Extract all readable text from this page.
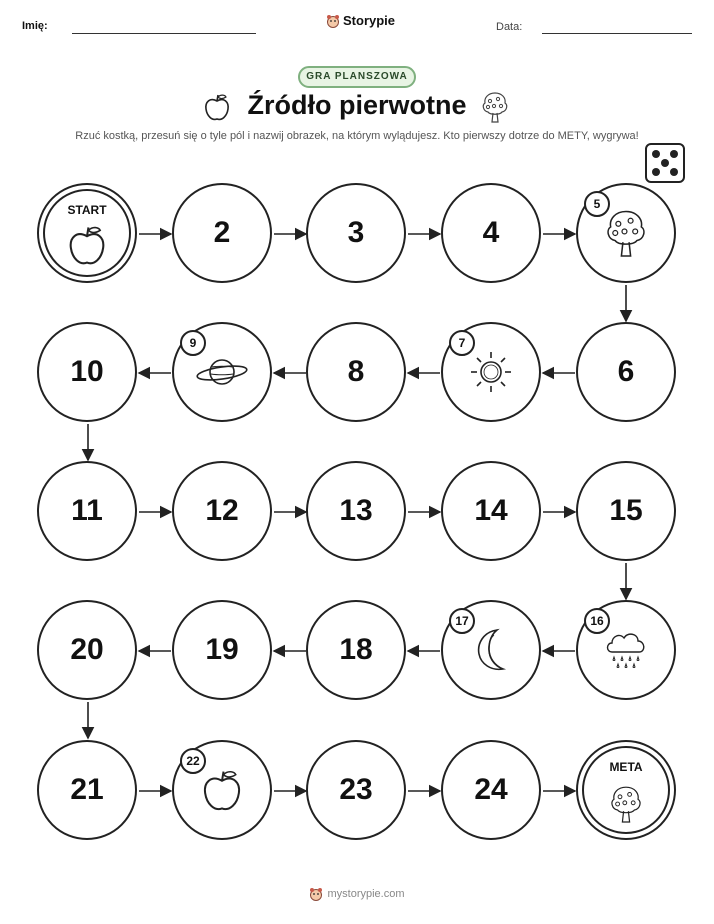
Imię:	Storypie	Data:
GRA PLANSZOWA
Źródło pierwotne
Rzuć kostką, przesuń się o tyle pól i nazwij obrazek, na którym wylądujesz. Kto pierwszy dotrze do METY, wygrywa!
START
2	3	4
5
10
9
8
7
6
11	12	13	14	15
20	19	18
17	16
21
22
23	24
META
mystorypie.com
